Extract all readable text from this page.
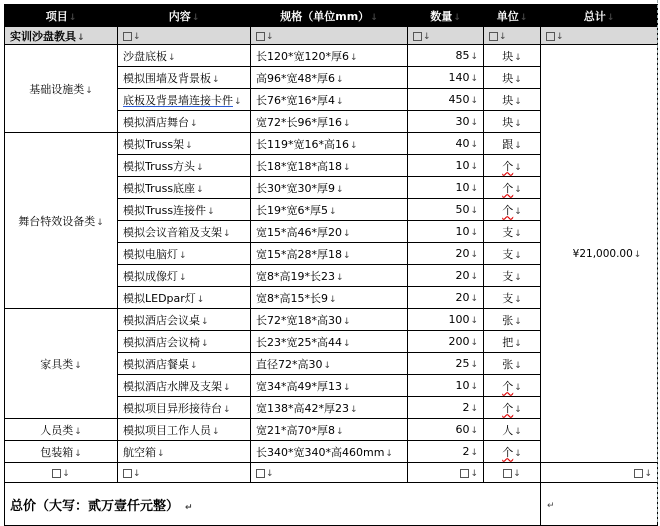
项目↓	内容↓	规格（单位mm）↓	数量↓	单位↓	总计↓
实训沙盘教具↓	↓	↓	↓	↓	↓
基础设施类↓	沙盘底板↓	长120*宽120*厚6↓	85↓	块↓	¥21,000.00↓
	模拟围墙及背景板↓	高96*宽48*厚6↓	140↓	块↓	
	底板及背景墙连接卡件↓	长76*宽16*厚4↓	450↓	块↓	
	模拟酒店舞台↓	宽72*长96*厚16↓	30↓	块↓	
舞台特效设备类↓	模拟Truss架↓	长119*宽16*高16↓	40↓	跟↓	
	模拟Truss方头↓	长18*宽18*高18↓	10↓	个↓	
	模拟Truss底座↓	长30*宽30*厚9↓	10↓	个↓	
	模拟Truss连接件↓	长19*宽6*厚5↓	50↓	个↓	
	模拟会议音箱及支架↓	宽15*高46*厚20↓	10↓	支↓	
	模拟电脑灯↓	宽15*高28*厚18↓	20↓	支↓	
	模拟成像灯↓	宽8*高19*长23↓	20↓	支↓	
	模拟LEDpar灯↓	宽8*高15*长9↓	20↓	支↓	
家具类↓	模拟酒店会议桌↓	长72*宽18*高30↓	100↓	张↓	
	模拟酒店会议椅↓	长23*宽25*高44↓	200↓	把↓	
	模拟酒店餐桌↓	直径72*高30↓	25↓	张↓	
	模拟酒店水牌及支架↓	宽34*高49*厚13↓	10↓	个↓	
	模拟项目异形接待台↓	宽138*高42*厚23↓	2↓	个↓	
人员类↓	模拟项目工作人员↓	宽21*高70*厚8↓	60↓	人↓	
包装箱↓	航空箱↓	长340*宽340*高460mm↓	2↓	个↓	
↓	↓	↓	↓	↓	↓
总价（大写：贰万壹仟元整） ↵					↵
